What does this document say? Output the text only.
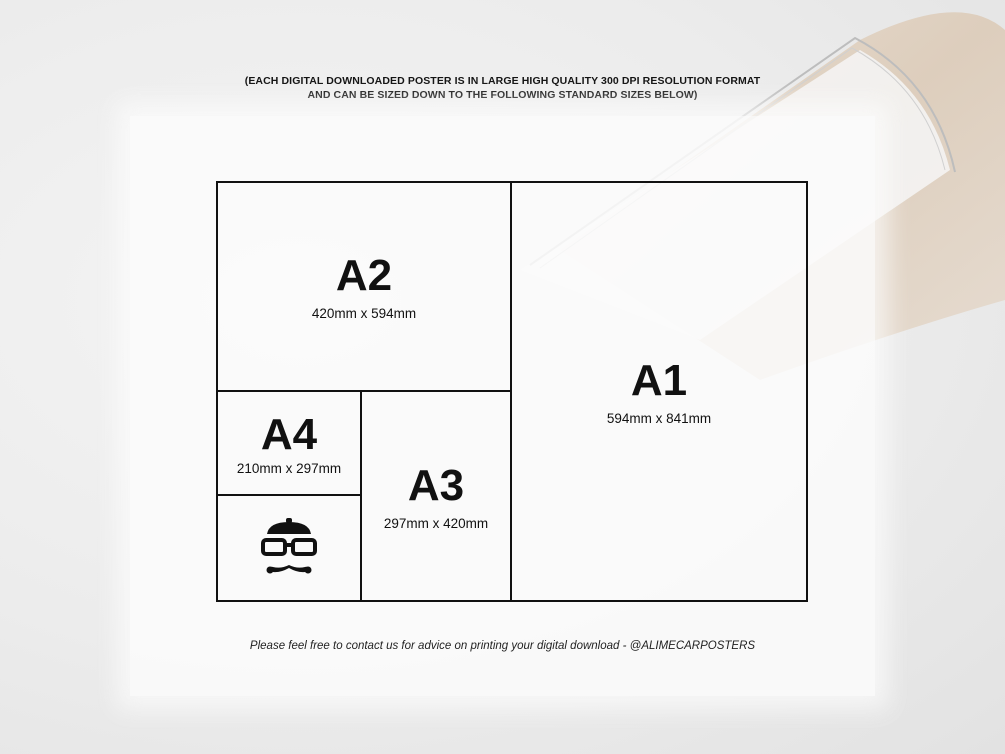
(EACH DIGITAL DOWNLOADED POSTER IS IN LARGE HIGH QUALITY 300 DPI RESOLUTION FORMAT
AND CAN BE SIZED DOWN TO THE FOLLOWING STANDARD SIZES BELOW)
A1
594mm x 841mm
A2
420mm x 594mm
A3
297mm x 420mm
A4
210mm x 297mm
Please feel free to contact us for advice on printing your digital download - @ALIMECARPOSTERS
